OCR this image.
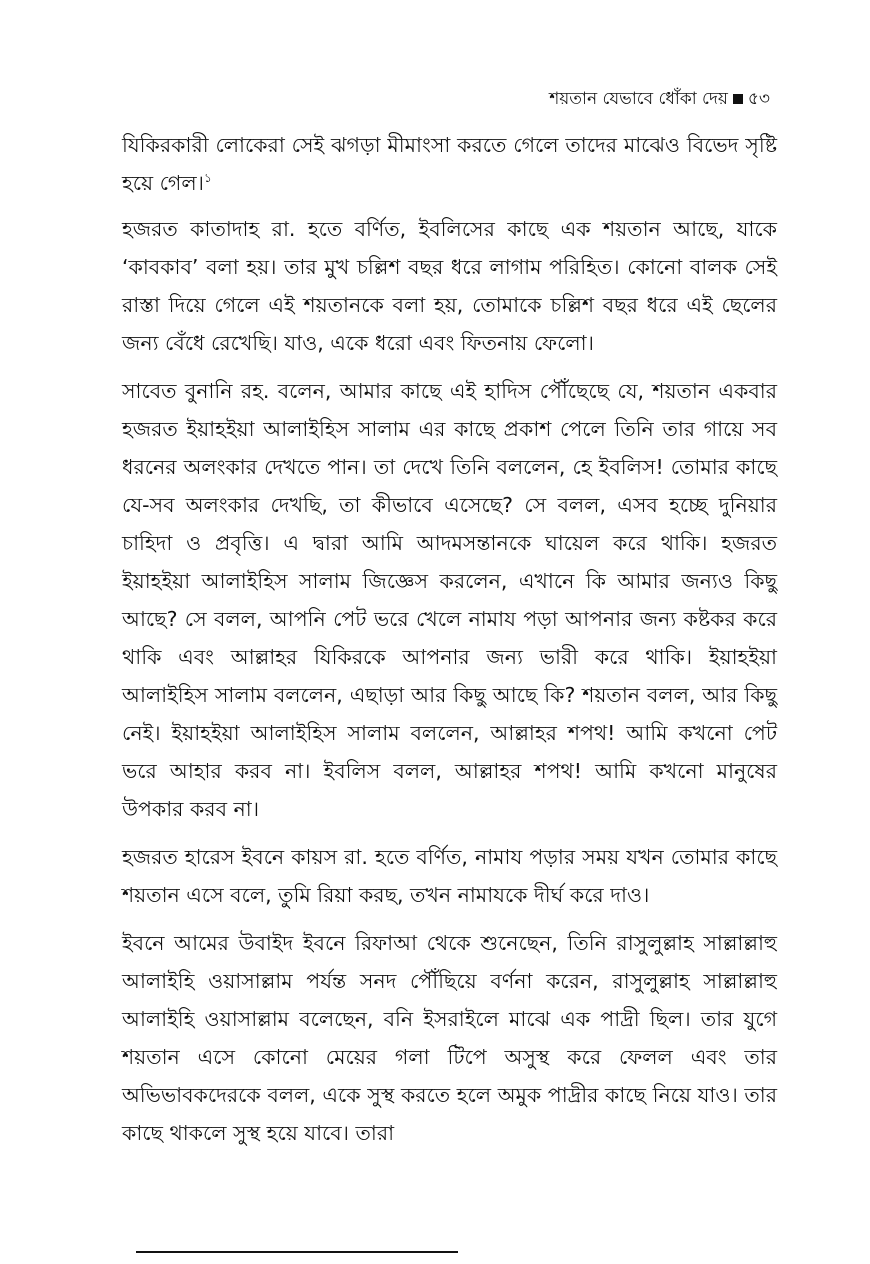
শয়তান যেভাবে ধোঁকা দেয় ৫৩

যিকিরকারী লোকেরা সেই ঝগড়া মীমাংসা করতে গেলে তাদের মাঝেও বিভেদ সৃষ্টি হয়ে গেল।$^১$

হজরত কাতাদাহ রা. হতে বর্ণিত, ইবলিসের কাছে এক শয়তান আছে, যাকে ‘কাবকাব’ বলা হয়। তার মুখ চল্লিশ বছর ধরে লাগাম পরিহিত। কোনো বালক সেই রাস্তা দিয়ে গেলে এই শয়তানকে বলা হয়, তোমাকে চল্লিশ বছর ধরে এই ছেলের জন্য বেঁধে রেখেছি। যাও, একে ধরো এবং ফিতনায় ফেলো।

সাবেত বুনানি রহ. বলেন, আমার কাছে এই হাদিস পৌঁছেছে যে, শয়তান একবার হজরত ইয়াহইয়া আলাইহিস সালাম এর কাছে প্রকাশ পেলে তিনি তার গায়ে সব ধরনের অলংকার দেখতে পান। তা দেখে তিনি বললেন, হে ইবলিস! তোমার কাছে যে-সব অলংকার দেখছি, তা কীভাবে এসেছে? সে বলল, এসব হচ্ছে দুনিয়ার চাহিদা ও প্রবৃত্তি। এ দ্বারা আমি আদমসন্তানকে ঘায়েল করে থাকি। হজরত ইয়াহইয়া আলাইহিস সালাম জিজ্ঞেস করলেন, এখানে কি আমার জন্যও কিছু আছে? সে বলল, আপনি পেট ভরে খেলে নামায পড়া আপনার জন্য কষ্টকর করে থাকি এবং আল্লাহর যিকিরকে আপনার জন্য ভারী করে থাকি। ইয়াহইয়া আলাইহিস সালাম বললেন, এছাড়া আর কিছু আছে কি? শয়তান বলল, আর কিছু নেই। ইয়াহইয়া আলাইহিস সালাম বললেন, আল্লাহর শপথ! আমি কখনো পেট ভরে আহার করব না। ইবলিস বলল, আল্লাহর শপথ! আমি কখনো মানুষের উপকার করব না।

হজরত হারেস ইবনে কায়স রা. হতে বর্ণিত, নামায পড়ার সময় যখন তোমার কাছে শয়তান এসে বলে, তুমি রিয়া করছ, তখন নামাযকে দীর্ঘ করে দাও।

ইবনে আমের উবাইদ ইবনে রিফাআ থেকে শুনেছেন, তিনি রাসুলুল্লাহ সাল্লাল্লাহু আলাইহি ওয়াসাল্লাম পর্যন্ত সনদ পৌঁছিয়ে বর্ণনা করেন, রাসুলুল্লাহ সাল্লাল্লাহু আলাইহি ওয়াসাল্লাম বলেছেন, বনি ইসরাইলে মাঝে এক পাদ্রী ছিল। তার যুগে শয়তান এসে কোনো মেয়ের গলা টিপে অসুস্থ করে ফেলল এবং তার অভিভাবকদেরকে বলল, একে সুস্থ করতে হলে অমুক পাদ্রীর কাছে নিয়ে যাও। তার কাছে থাকলে সুস্থ হয়ে যাবে। তারা
